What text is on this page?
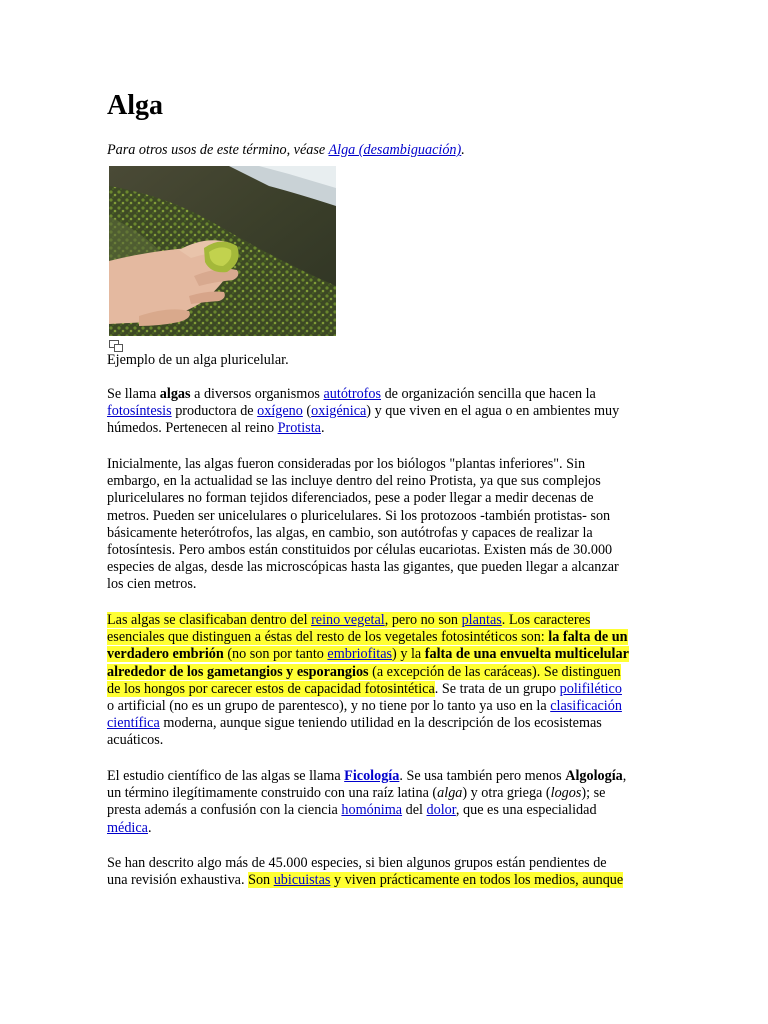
Alga

Para otros usos de este término, véase Alga (desambiguación).

Ejemplo de un alga pluricelular.

Se llama algas a diversos organismos autótrofos de organización sencilla que hacen la
fotosíntesis productora de oxígeno (oxigénica) y que viven en el agua o en ambientes muy
húmedos. Pertenecen al reino Protista.
Inicialmente, las algas fueron consideradas por los biólogos "plantas inferiores". Sin
embargo, en la actualidad se las incluye dentro del reino Protista, ya que sus complejos
pluricelulares no forman tejidos diferenciados, pese a poder llegar a medir decenas de
metros. Pueden ser unicelulares o pluricelulares. Si los protozoos -también protistas- son
básicamente heterótrofos, las algas, en cambio, son autótrofas y capaces de realizar la
fotosíntesis. Pero ambos están constituidos por células eucariotas. Existen más de 30.000
especies de algas, desde las microscópicas hasta las gigantes, que pueden llegar a alcanzar
los cien metros.
Las algas se clasificaban dentro del reino vegetal, pero no son plantas. Los caracteres
esenciales que distinguen a éstas del resto de los vegetales fotosintéticos son: la falta de un
verdadero embrión (no son por tanto embriofitas) y la falta de una envuelta multicelular
alrededor de los gametangios y esporangios (a excepción de las caráceas). Se distinguen
de los hongos por carecer estos de capacidad fotosintética. Se trata de un grupo polifilético
o artificial (no es un grupo de parentesco), y no tiene por lo tanto ya uso en la clasificación
científica moderna, aunque sigue teniendo utilidad en la descripción de los ecosistemas
acuáticos.
El estudio científico de las algas se llama Ficología. Se usa también pero menos Algología,
un término ilegítimamente construido con una raíz latina (alga) y otra griega (logos); se
presta además a confusión con la ciencia homónima del dolor, que es una especialidad
médica.
Se han descrito algo más de 45.000 especies, si bien algunos grupos están pendientes de
una revisión exhaustiva. Son ubicuistas y viven prácticamente en todos los medios, aunque
